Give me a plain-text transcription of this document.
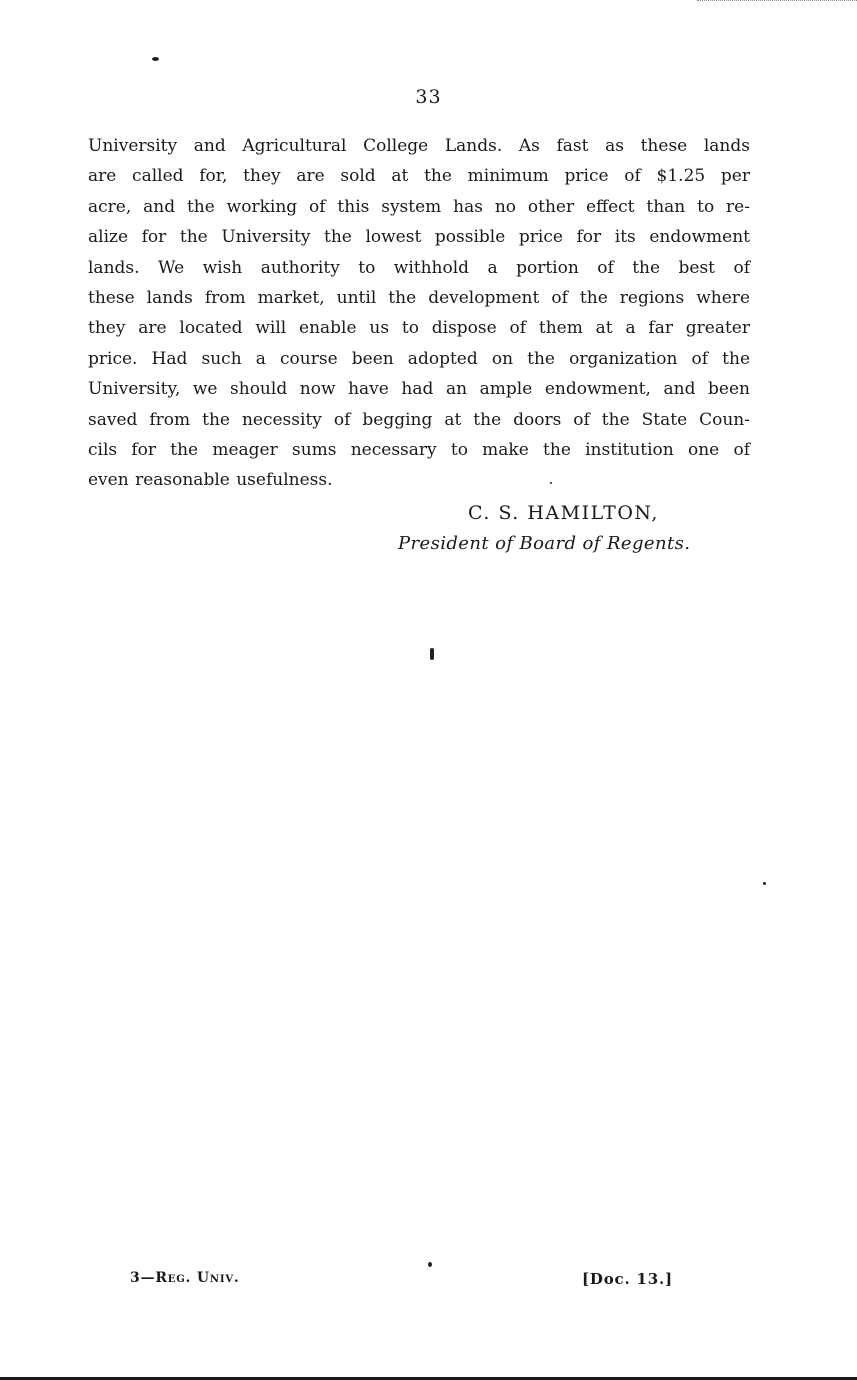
33
University and Agricultural College Lands. As fast as these lands
are called for, they are sold at the minimum price of $1.25 per
acre, and the working of this system has no other effect than to re-
alize for the University the lowest possible price for its endowment
lands. We wish authority to withhold a portion of the best of
these lands from market, until the development of the regions where
they are located will enable us to dispose of them at a far greater
price. Had such a course been adopted on the organization of the
University, we should now have had an ample endowment, and been
saved from the necessity of begging at the doors of the State Coun-
cils for the meager sums necessary to make the institution one of
even reasonable usefulness.
C. S. HAMILTON,
President of Board of Regents.
3—Reg. Univ.	[Doc. 13.]
